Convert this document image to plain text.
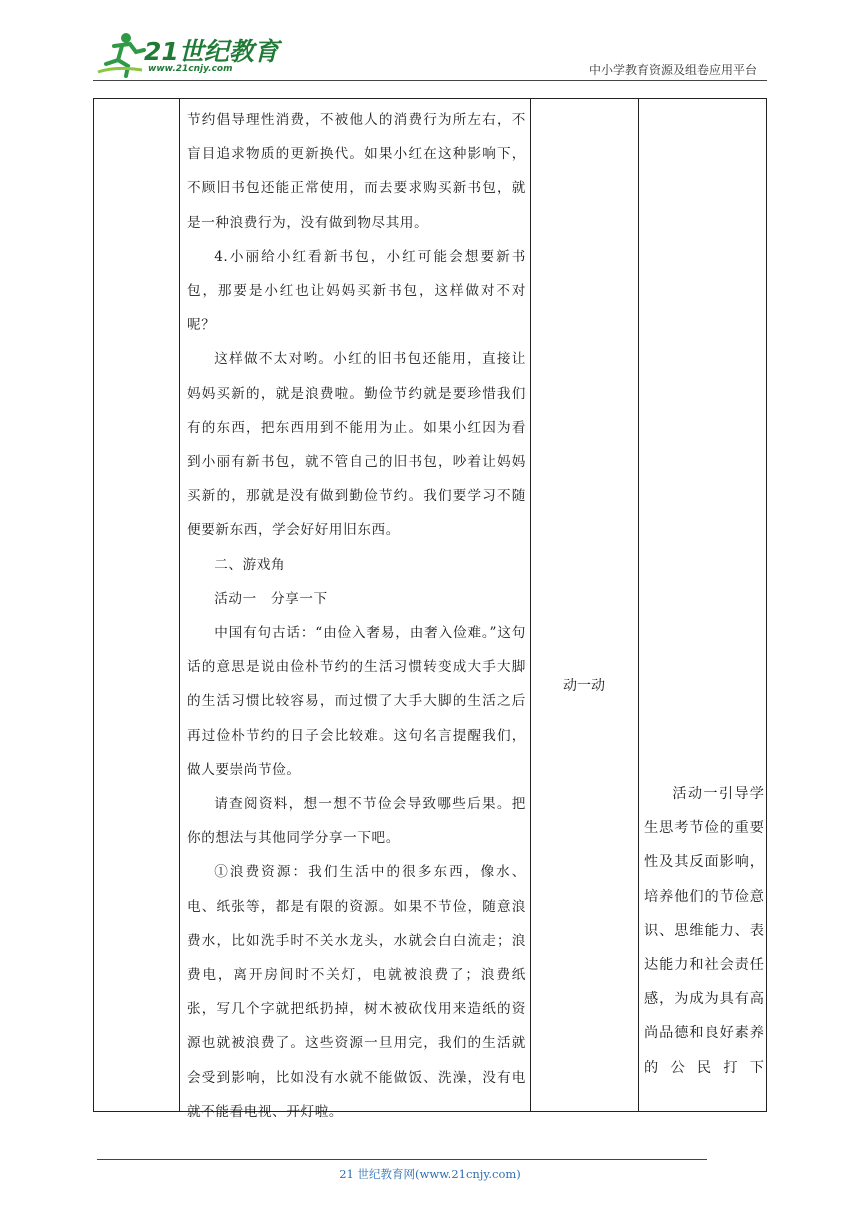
21世纪教育
www.21cnjy.com	中小学教育资源及组卷应用平台

节约倡导理性消费，不被他人的消费行为所左右，不盲目追求物质的更新换代。如果小红在这种影响下，不顾旧书包还能正常使用，而去要求购买新书包，就是一种浪费行为，没有做到物尽其用。

4.小丽给小红看新书包，小红可能会想要新书包，那要是小红也让妈妈买新书包，这样做对不对呢？

这样做不太对哟。小红的旧书包还能用，直接让妈妈买新的，就是浪费啦。勤俭节约就是要珍惜我们有的东西，把东西用到不能用为止。如果小红因为看到小丽有新书包，就不管自己的旧书包，吵着让妈妈买新的，那就是没有做到勤俭节约。我们要学习不随便要新东西，学会好好用旧东西。

二、游戏角

活动一　分享一下

中国有句古话：“由俭入奢易，由奢入俭难。”这句话的意思是说由俭朴节约的生活习惯转变成大手大脚的生活习惯比较容易，而过惯了大手大脚的生活之后再过俭朴节约的日子会比较难。这句名言提醒我们，做人要崇尚节俭。

请查阅资料，想一想不节俭会导致哪些后果。把你的想法与其他同学分享一下吧。

①浪费资源：我们生活中的很多东西，像水、电、纸张等，都是有限的资源。如果不节俭，随意浪费水，比如洗手时不关水龙头，水就会白白流走；浪费电，离开房间时不关灯，电就被浪费了；浪费纸张，写几个字就把纸扔掉，树木被砍伐用来造纸的资源也就被浪费了。这些资源一旦用完，我们的生活就会受到影响，比如没有水就不能做饭、洗澡，没有电就不能看电视、开灯啦。

动一动

活动一引导学生思考节俭的重要性及其反面影响，培养他们的节俭意识、思维能力、表达能力和社会责任感，为成为具有高尚品德和良好素养的公民打下

21 世纪教育网(www.21cnjy.com)
